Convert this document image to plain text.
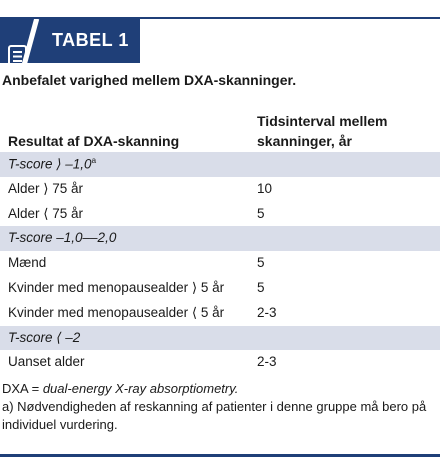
TABEL 1
Anbefalet varighed mellem DXA-skanninger.
Resultat af DXA-skanning
Tidsinterval mellem
skanninger, år
T-score ⟩ –1,0$^a$
Alder ⟩ 75 år	10
Alder ⟨ 75 år	5
T-score –1,0––2,0
Mænd	5
Kvinder med menopausealder ⟩ 5 år 5
Kvinder med menopausealder ⟨ 5 år 2-3
T-score ⟨ –2
Uanset alder	2-3
DXA = dual-energy X-ray absorptiometry.
a) Nødvendigheden af reskanning af patienter i denne gruppe må bero på individuel vurdering.
